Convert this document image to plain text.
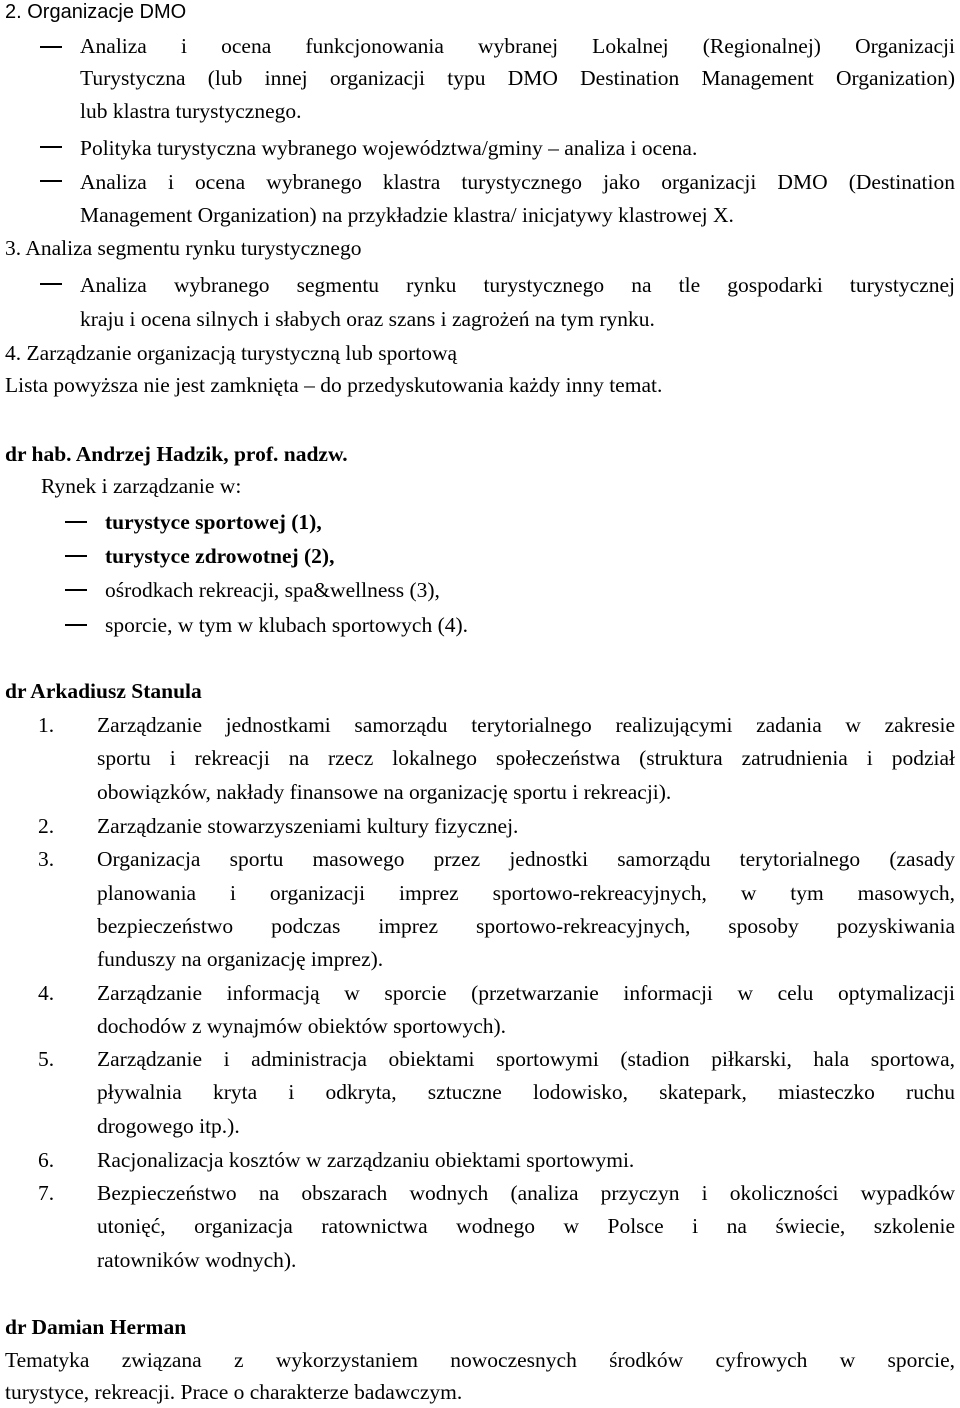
2. Organizacje DMO
Analiza i ocena funkcjonowania wybranej Lokalnej (Regionalnej) Organizacji
Turystyczna (lub innej organizacji typu DMO Destination Management Organization)
lub klastra turystycznego.
Polityka turystyczna wybranego województwa/gminy – analiza i ocena.
Analiza i ocena wybranego klastra turystycznego jako organizacji DMO (Destination
Management Organization) na przykładzie klastra/ inicjatywy klastrowej X.
3. Analiza segmentu rynku turystycznego
Analiza wybranego segmentu rynku turystycznego na tle gospodarki turystycznej
kraju i ocena silnych i słabych oraz szans i zagrożeń na tym rynku.
4. Zarządzanie organizacją turystyczną lub sportową
Lista powyższa nie jest zamknięta – do przedyskutowania każdy inny temat.
dr hab. Andrzej Hadzik, prof. nadzw.
Rynek i zarządzanie w:
turystyce sportowej (1),
turystyce zdrowotnej (2),
ośrodkach rekreacji, spa&wellness (3),
sporcie, w tym w klubach sportowych (4).
dr Arkadiusz Stanula
1. Zarządzanie jednostkami samorządu terytorialnego realizującymi zadania w zakresie
sportu i rekreacji na rzecz lokalnego społeczeństwa (struktura zatrudnienia i podział
obowiązków, nakłady finansowe na organizację sportu i rekreacji).
2. Zarządzanie stowarzyszeniami kultury fizycznej.
3. Organizacja sportu masowego przez jednostki samorządu terytorialnego (zasady
planowania i organizacji imprez sportowo-rekreacyjnych, w tym masowych,
bezpieczeństwo podczas imprez sportowo-rekreacyjnych, sposoby pozyskiwania
funduszy na organizację imprez).
4. Zarządzanie informacją w sporcie (przetwarzanie informacji w celu optymalizacji
dochodów z wynajmów obiektów sportowych).
5. Zarządzanie i administracja obiektami sportowymi (stadion piłkarski, hala sportowa,
pływalnia kryta i odkryta, sztuczne lodowisko, skatepark, miasteczko ruchu
drogowego itp.).
6. Racjonalizacja kosztów w zarządzaniu obiektami sportowymi.
7. Bezpieczeństwo na obszarach wodnych (analiza przyczyn i okoliczności wypadków
utonięć, organizacja ratownictwa wodnego w Polsce i na świecie, szkolenie
ratowników wodnych).
dr Damian Herman
Tematyka związana z wykorzystaniem nowoczesnych środków cyfrowych w sporcie,
turystyce, rekreacji. Prace o charakterze badawczym.
